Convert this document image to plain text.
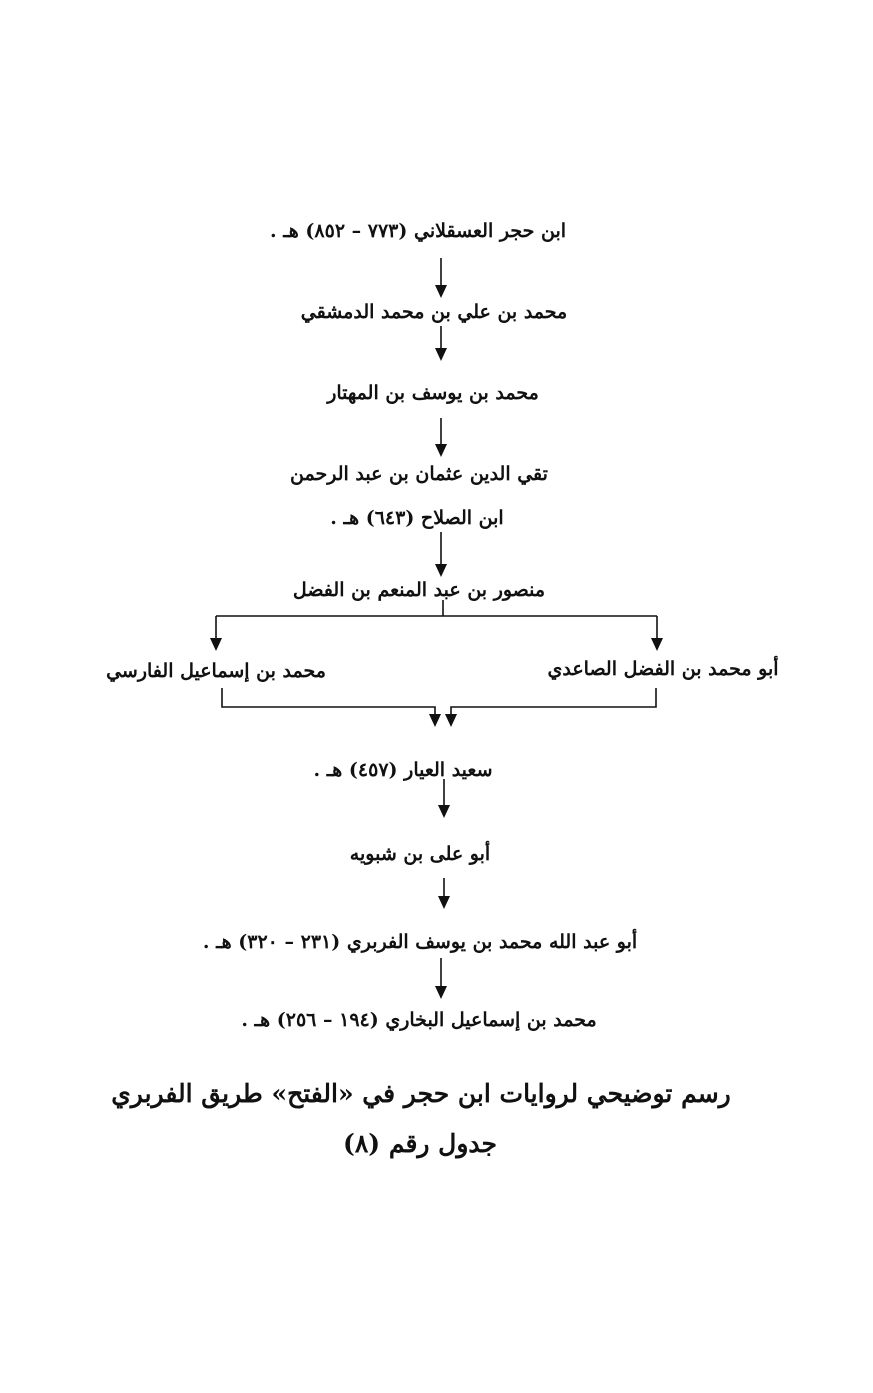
ابن حجر العسقلاني (٧٧٣ – ٨٥٢) هـ .
محمد بن علي بن محمد الدمشقي
محمد بن يوسف بن المهتار
تقي الدين عثمان بن عبد الرحمن
ابن الصلاح (٦٤٣) هـ .
منصور بن عبد المنعم بن الفضل
محمد بن إسماعيل الفارسي	أبو محمد بن الفضل الصاعدي
سعيد العيار (٤٥٧) هـ .
أبو على بن شبويه
أبو عبد الله محمد بن يوسف الفربري (٢٣١ – ٣٢٠) هـ .
محمد بن إسماعيل البخاري (١٩٤ – ٢٥٦) هـ .
رسم توضيحي لروايات ابن حجر في «الفتح» طريق الفربري
جدول رقم (٨)
